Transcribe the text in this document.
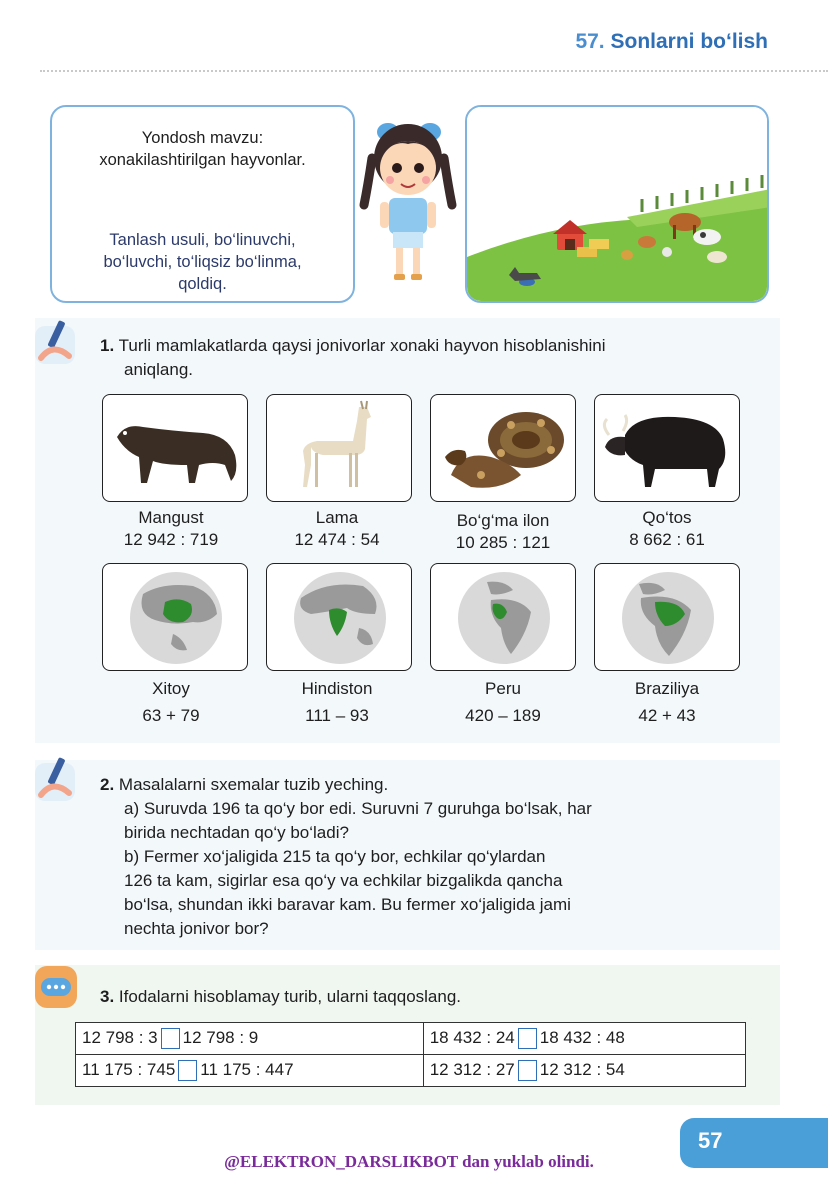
57. Sonlarni bo‘lish
Yondosh mavzu:
xonakilashtirilgan hayvonlar.
Tanlash usuli, bo‘linuvchi,
bo‘luvchi, to‘liqsiz bo‘linma,
qoldiq.
1. Turli mamlakatlarda qaysi jonivorlar xonaki hayvon hisoblanishini
aniqlang.
Mangust
12 942 : 719
Lama
12 474 : 54
Bo‘g‘ma ilon
10 285 : 121
Qo‘tos
8 662 : 61
Xitoy
63 + 79
Hindiston
111 – 93
Peru
420 – 189
Braziliya
42 + 43
2. Masalalarni sxemalar tuzib yeching.
a) Suruvda 196 ta qo‘y bor edi. Suruvni 7 guruhga bo‘lsak, har
birida nechtadan qo‘y bo‘ladi?
b) Fermer xo‘jaligida 215 ta qo‘y bor, echkilar qo‘ylardan
126 ta kam, sigirlar esa qo‘y va echkilar bizgalikda qancha
bo‘lsa, shundan ikki baravar kam. Bu fermer xo‘jaligida jami
nechta jonivor bor?
3. Ifodalarni hisoblamay turib, ularni taqqoslang.
12 798 : 3 12 798 : 9	18 432 : 24 18 432 : 48
11 175 : 745 11 175 : 447	12 312 : 27 12 312 : 54
57
@ELEKTRON_DARSLIKBOT dan yuklab olindi.
